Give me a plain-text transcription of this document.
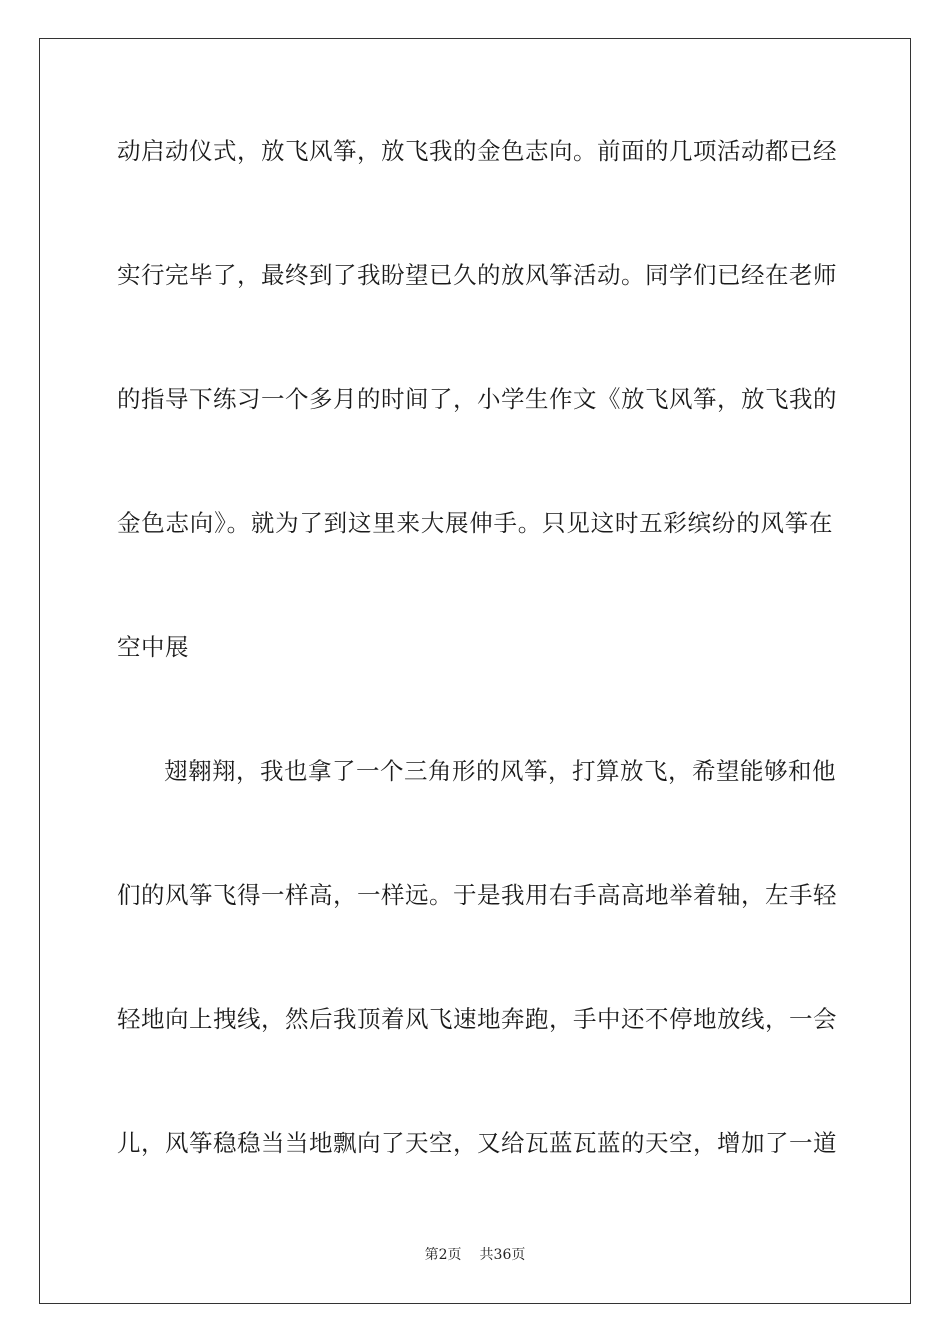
动启动仪式，放飞风筝，放飞我的金色志向。前面的几项活动都已经
实行完毕了，最终到了我盼望已久的放风筝活动。同学们已经在老师
的指导下练习一个多月的时间了，小学生作文《放飞风筝，放飞我的
金色志向》。就为了到这里来大展伸手。只见这时五彩缤纷的风筝在
空中展
翅翱翔，我也拿了一个三角形的风筝，打算放飞，希望能够和他
们的风筝飞得一样高，一样远。于是我用右手高高地举着轴，左手轻
轻地向上拽线，然后我顶着风飞速地奔跑，手中还不停地放线，一会
儿，风筝稳稳当当地飘向了天空，又给瓦蓝瓦蓝的天空，增加了一道
第2页 共36页
